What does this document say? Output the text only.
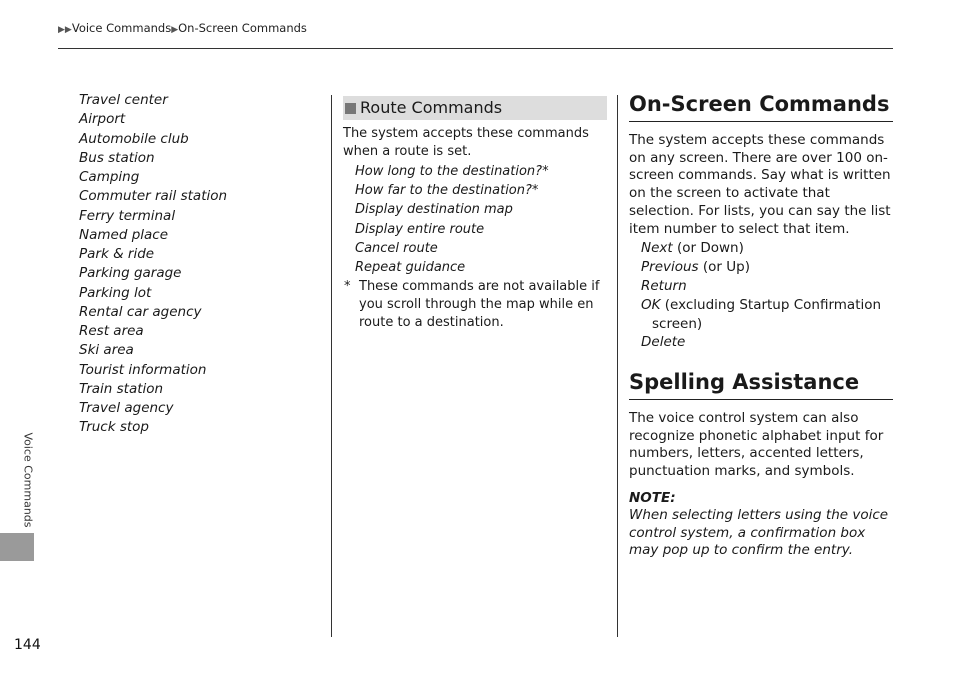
▶▶Voice Commands▶On-Screen Commands
Travel center
Airport
Automobile club
Bus station
Camping
Commuter rail station
Ferry terminal
Named place
Park & ride
Parking garage
Parking lot
Rental car agency
Rest area
Ski area
Tourist information
Train station
Travel agency
Truck stop
Route Commands
The system accepts these commands when a route is set.
How long to the destination?*
How far to the destination?*
Display destination map
Display entire route
Cancel route
Repeat guidance
* These commands are not available if you scroll through the map while en route to a destination.
On-Screen Commands
The system accepts these commands on any screen. There are over 100 on-screen commands. Say what is written on the screen to activate that selection. For lists, you can say the list item number to select that item.
Next (or Down)
Previous (or Up)
Return
OK (excluding Startup Confirmation screen)
Delete
Spelling Assistance
The voice control system can also recognize phonetic alphabet input for numbers, letters, accented letters, punctuation marks, and symbols.
NOTE:
When selecting letters using the voice control system, a confirmation box may pop up to confirm the entry.
Voice Commands
144
